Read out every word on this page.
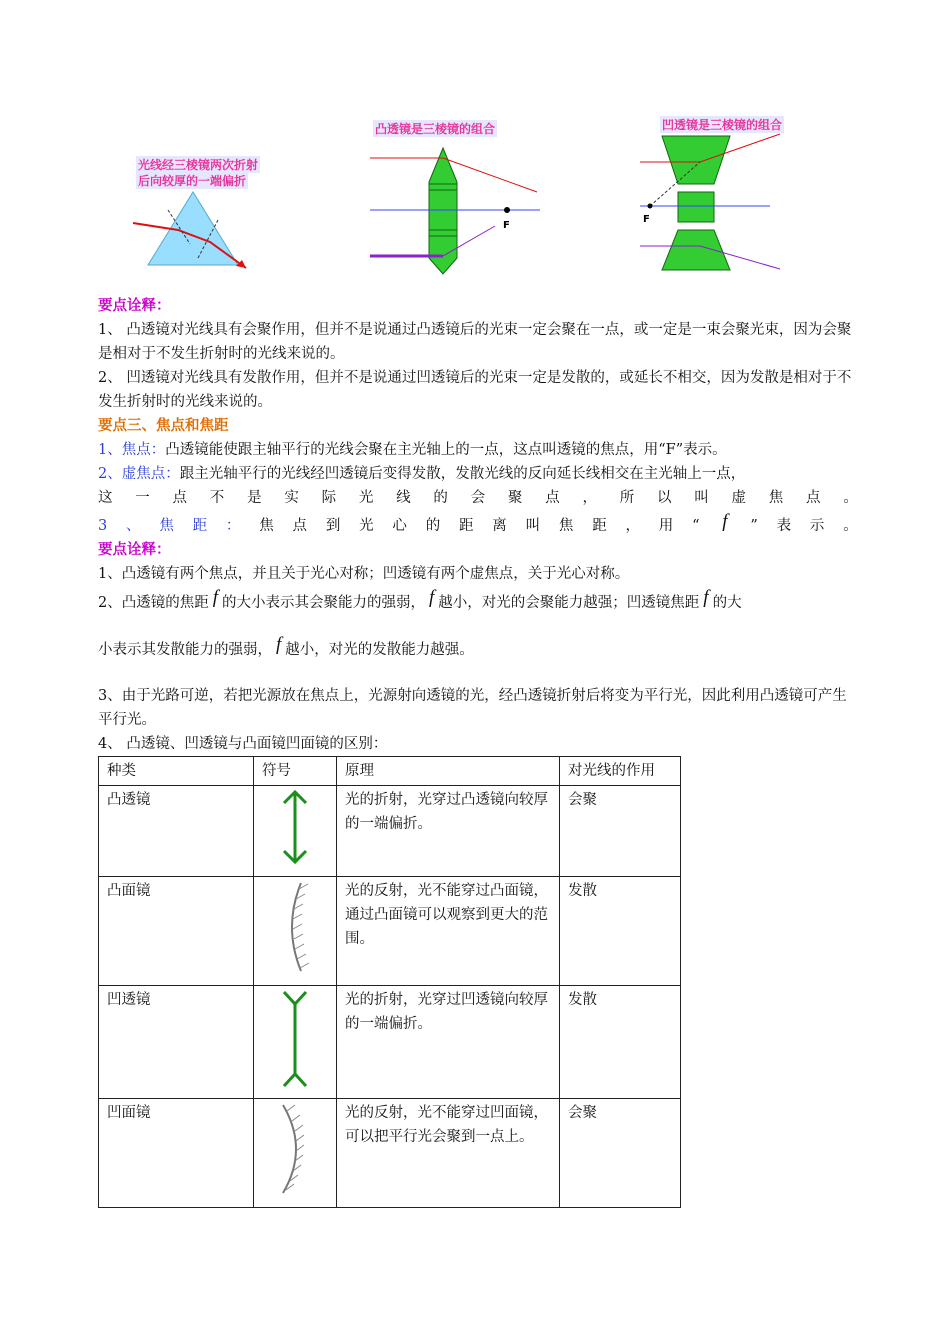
光线经三棱镜两次折射
后向较厚的一端偏折
凸透镜是三棱镜的组合
F
凹透镜是三棱镜的组合
F

要点诠释：

1、 凸透镜对光线具有会聚作用，但并不是说通过凸透镜后的光束一定会聚在一点，或一定是一束会聚光束，因为会聚是相对于不发生折射时的光线来说的。

2、 凹透镜对光线具有发散作用，但并不是说通过凹透镜后的光束一定是发散的，或延长不相交，因为发散是相对于不发生折射时的光线来说的。

要点三、焦点和焦距

1、焦点：凸透镜能使跟主轴平行的光线会聚在主光轴上的一点，这点叫透镜的焦点，用“F”表示。

2、虚焦点：跟主光轴平行的光线经凹透镜后变得发散，发散光线的反向延长线相交在主光轴上一点，

这 一 点 不 是 实 际 光 线 的 会 聚 点 ， 所 以 叫 虚 焦 点 。

3 、 焦 距 ： 焦 点 到 光 心 的 距 离 叫 焦 距 ， 用 “ f ” 表 示 。

要点诠释：

1、凸透镜有两个焦点，并且关于光心对称；凹透镜有两个虚焦点，关于光心对称。

2、凸透镜的焦距 f 的大小表示其会聚能力的强弱， f 越小，对光的会聚能力越强；凹透镜焦距 f 的大

小表示其发散能力的强弱， f 越小，对光的发散能力越强。

3、由于光路可逆，若把光源放在焦点上，光源射向透镜的光，经凸透镜折射后将变为平行光，因此利用凸透镜可产生平行光。

4、 凸透镜、凹透镜与凸面镜凹面镜的区别：

种类	符号	原理	对光线的作用
凸透镜		光的折射，光穿过凸透镜向较厚的一端偏折。	会聚
凸面镜		光的反射，光不能穿过凸面镜，通过凸面镜可以观察到更大的范围。	发散
凹透镜		光的折射，光穿过凹透镜向较厚的一端偏折。	发散
凹面镜		光的反射，光不能穿过凹面镜，可以把平行光会聚到一点上。	会聚
